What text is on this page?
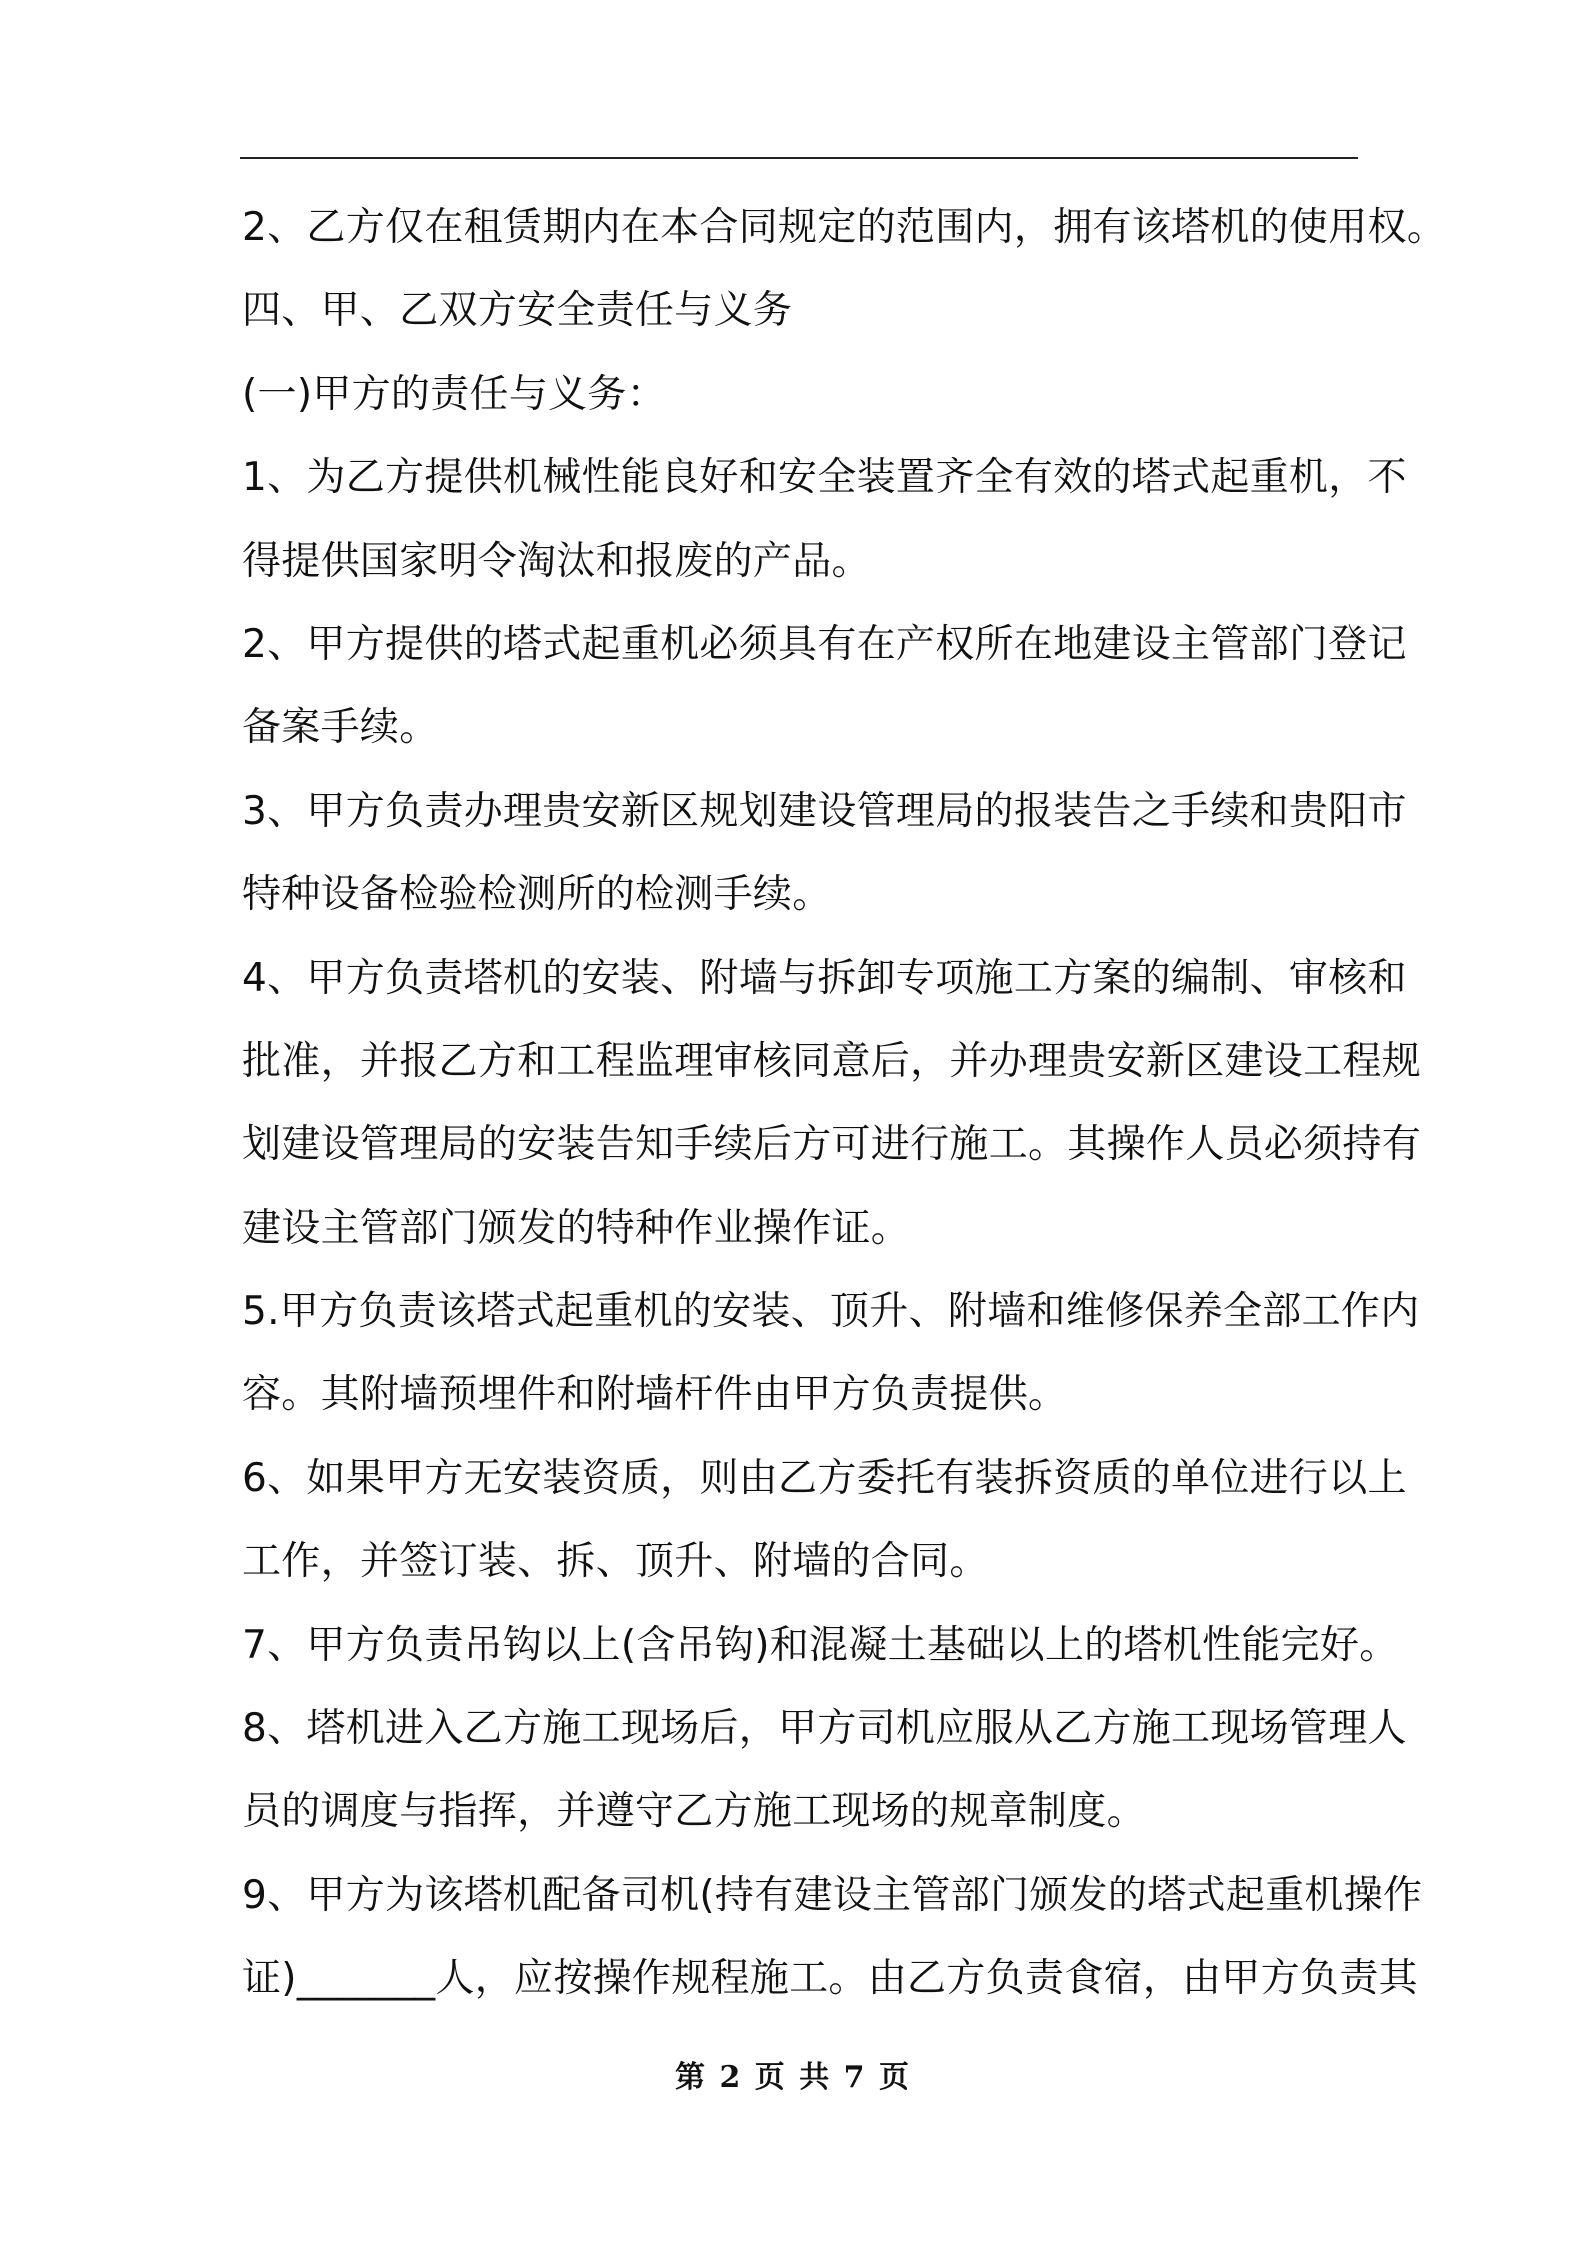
2、乙方仅在租赁期内在本合同规定的范围内，拥有该塔机的使用权。
四、甲、乙双方安全责任与义务
(一)甲方的责任与义务：
1、为乙方提供机械性能良好和安全装置齐全有效的塔式起重机，不
得提供国家明令淘汰和报废的产品。
2、甲方提供的塔式起重机必须具有在产权所在地建设主管部门登记
备案手续。
3、甲方负责办理贵安新区规划建设管理局的报装告之手续和贵阳市
特种设备检验检测所的检测手续。
4、甲方负责塔机的安装、附墙与拆卸专项施工方案的编制、审核和
批准，并报乙方和工程监理审核同意后，并办理贵安新区建设工程规
划建设管理局的安装告知手续后方可进行施工。其操作人员必须持有
建设主管部门颁发的特种作业操作证。
5.甲方负责该塔式起重机的安装、顶升、附墙和维修保养全部工作内
容。其附墙预埋件和附墙杆件由甲方负责提供。
6、如果甲方无安装资质，则由乙方委托有装拆资质的单位进行以上
工作，并签订装、拆、顶升、附墙的合同。
7、甲方负责吊钩以上(含吊钩)和混凝土基础以上的塔机性能完好。
8、塔机进入乙方施工现场后，甲方司机应服从乙方施工现场管理人
员的调度与指挥，并遵守乙方施工现场的规章制度。
9、甲方为该塔机配备司机(持有建设主管部门颁发的塔式起重机操作
证)_______人，应按操作规程施工。由乙方负责食宿，由甲方负责其
第 2 页 共 7 页
